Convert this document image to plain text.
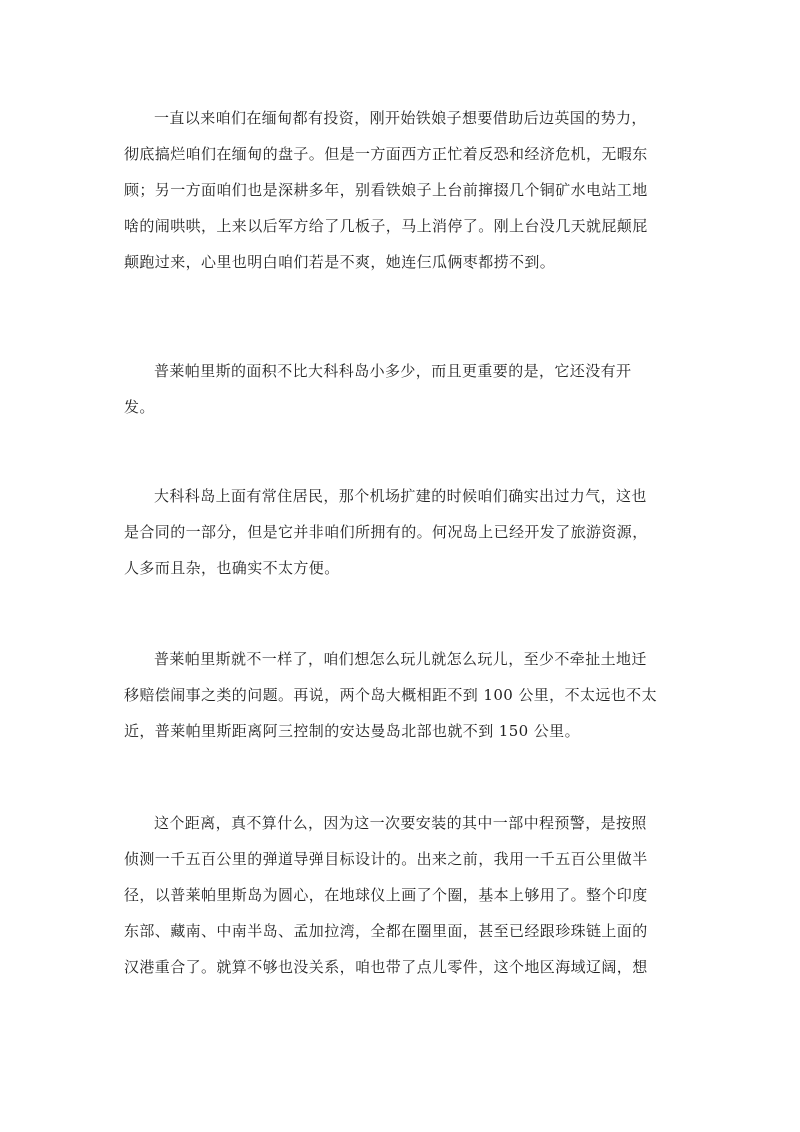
一直以来咱们在缅甸都有投资，刚开始铁娘子想要借助后边英国的势力，
彻底搞烂咱们在缅甸的盘子。但是一方面西方正忙着反恐和经济危机，无暇东
顾；另一方面咱们也是深耕多年，别看铁娘子上台前撺掇几个铜矿水电站工地
啥的闹哄哄，上来以后军方给了几板子，马上消停了。刚上台没几天就屁颠屁
颠跑过来，心里也明白咱们若是不爽，她连仨瓜俩枣都捞不到。
普莱帕里斯的面积不比大科科岛小多少，而且更重要的是，它还没有开
发。
大科科岛上面有常住居民，那个机场扩建的时候咱们确实出过力气，这也
是合同的一部分，但是它并非咱们所拥有的。何况岛上已经开发了旅游资源，
人多而且杂，也确实不太方便。
普莱帕里斯就不一样了，咱们想怎么玩儿就怎么玩儿，至少不牵扯土地迁
移赔偿闹事之类的问题。再说，两个岛大概相距不到 100 公里，不太远也不太
近，普莱帕里斯距离阿三控制的安达曼岛北部也就不到 150 公里。
这个距离，真不算什么，因为这一次要安装的其中一部中程预警，是按照
侦测一千五百公里的弹道导弹目标设计的。出来之前，我用一千五百公里做半
径，以普莱帕里斯岛为圆心，在地球仪上画了个圈，基本上够用了。整个印度
东部、藏南、中南半岛、孟加拉湾，全都在圈里面，甚至已经跟珍珠链上面的
汉港重合了。就算不够也没关系，咱也带了点儿零件，这个地区海域辽阔，想
